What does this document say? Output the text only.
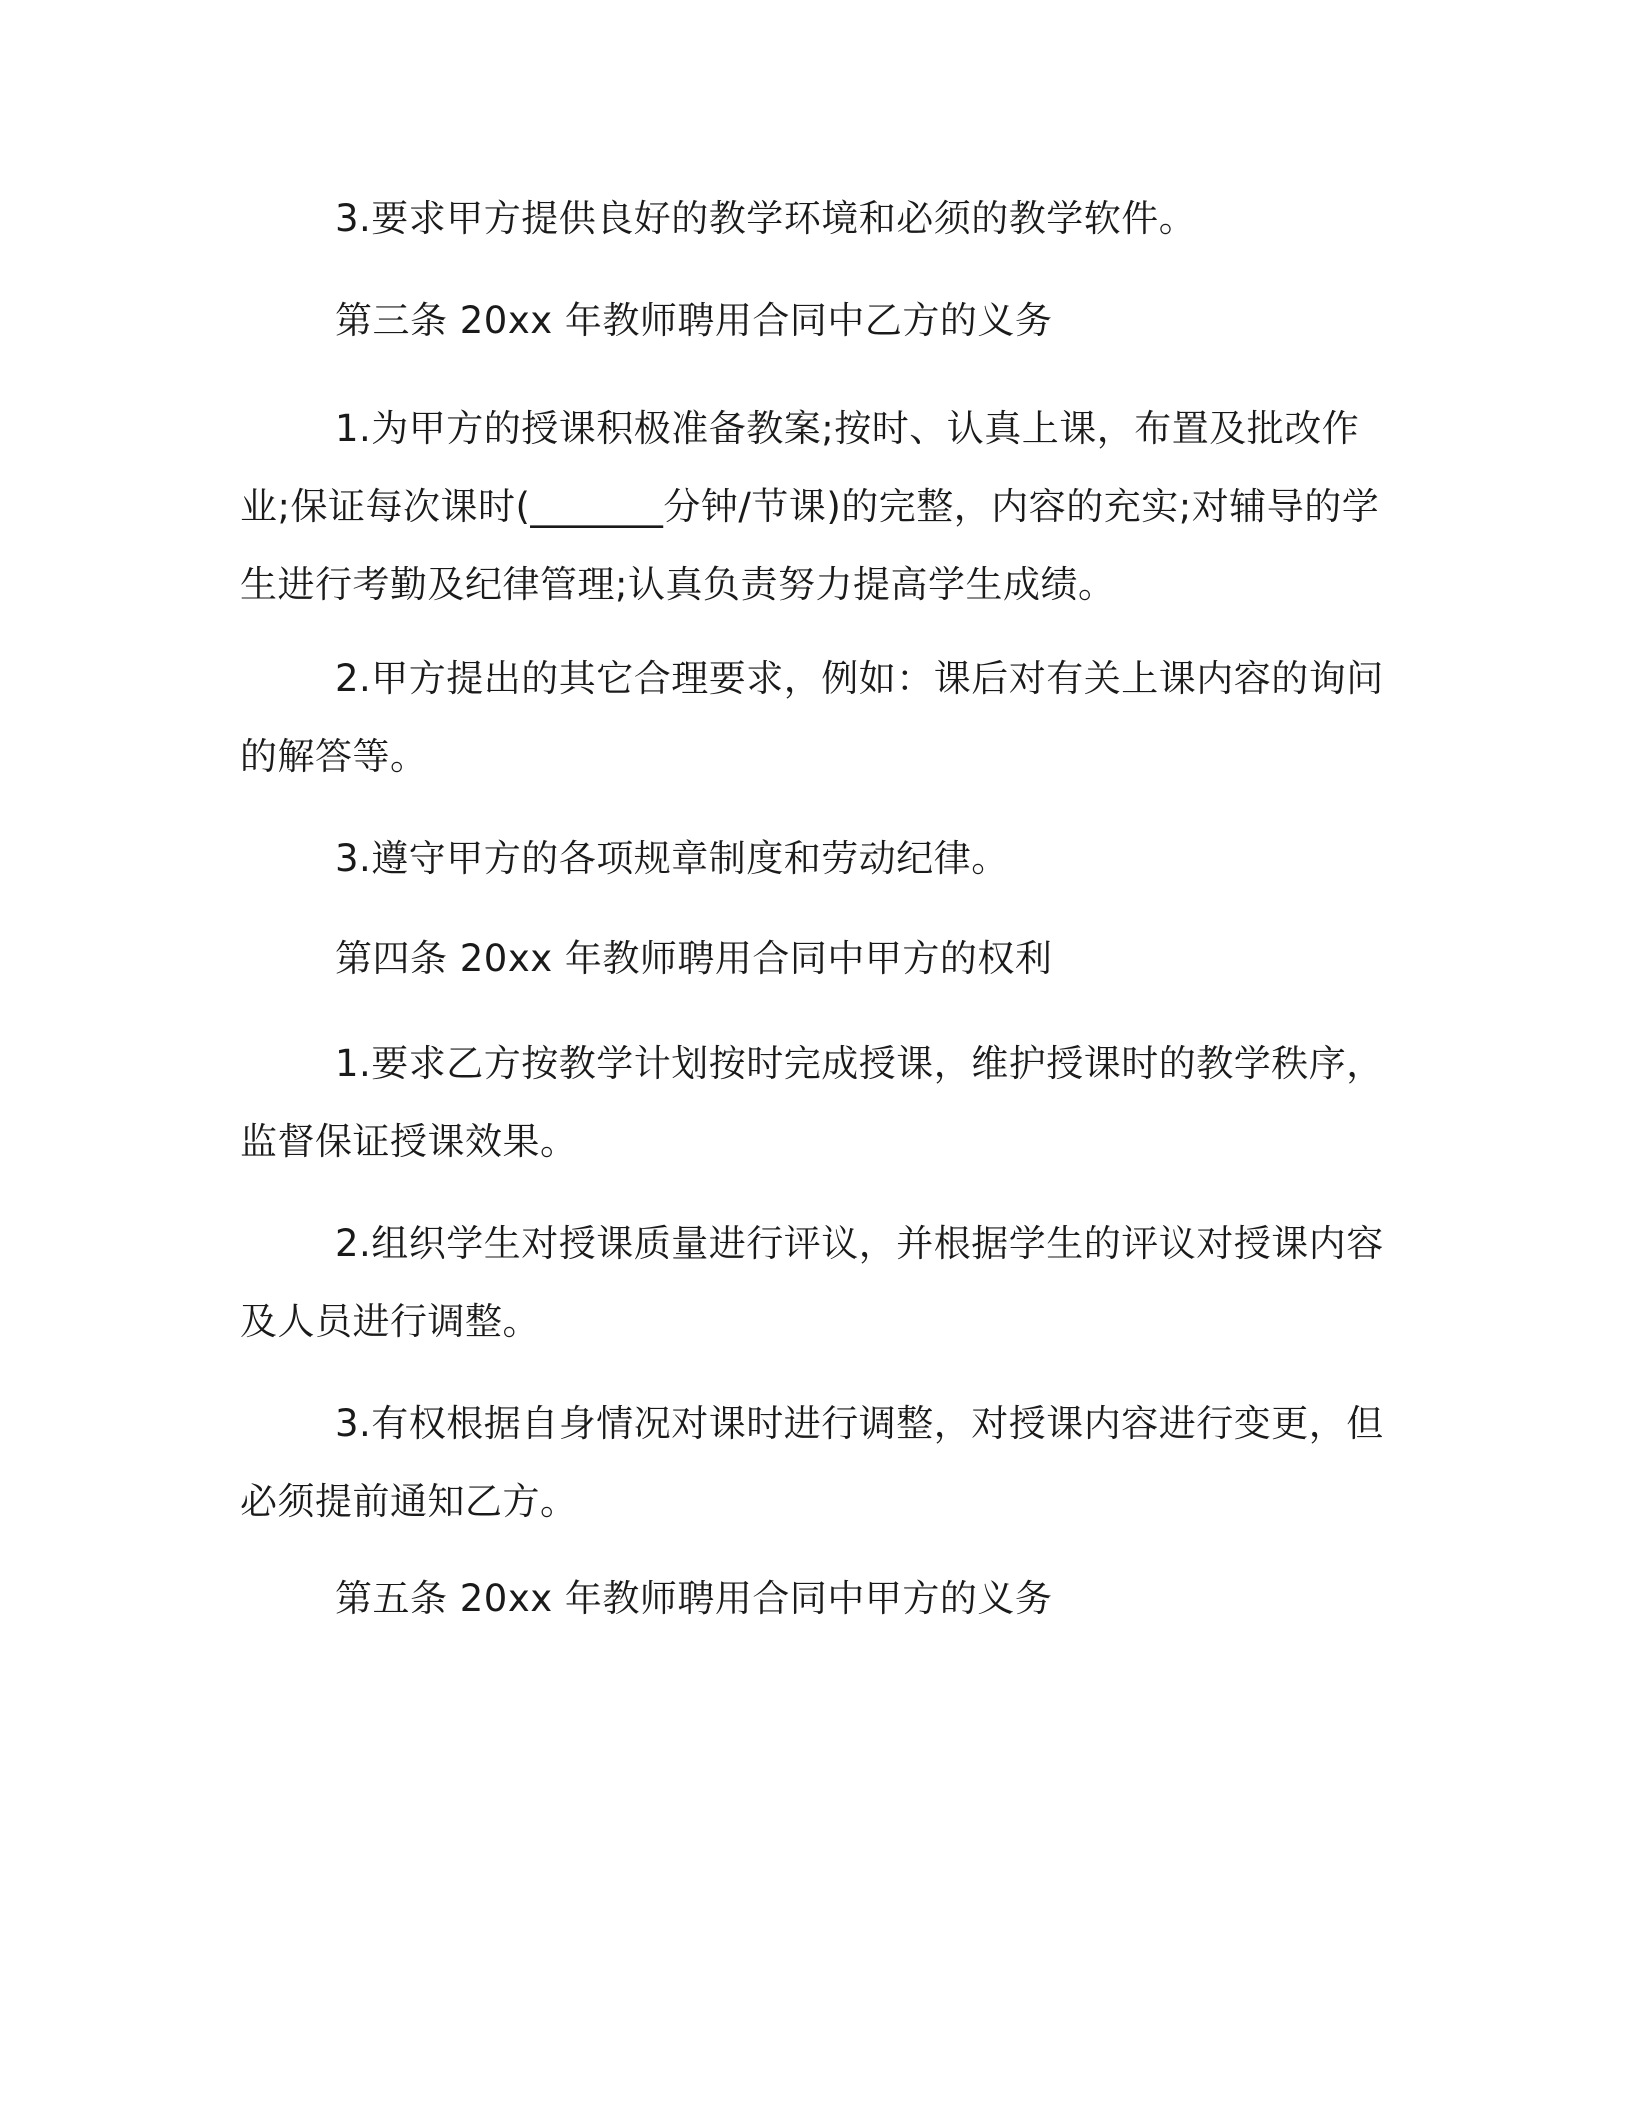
3.要求甲方提供良好的教学环境和必须的教学软件。

第三条 20xx 年教师聘用合同中乙方的义务

1.为甲方的授课积极准备教案;按时、认真上课，布置及批改作业;保证每次课时(_______分钟/节课)的完整，内容的充实;对辅导的学生进行考勤及纪律管理;认真负责努力提高学生成绩。

2.甲方提出的其它合理要求，例如：课后对有关上课内容的询问的解答等。

3.遵守甲方的各项规章制度和劳动纪律。

第四条 20xx 年教师聘用合同中甲方的权利

1.要求乙方按教学计划按时完成授课，维护授课时的教学秩序，监督保证授课效果。

2.组织学生对授课质量进行评议，并根据学生的评议对授课内容及人员进行调整。

3.有权根据自身情况对课时进行调整，对授课内容进行变更，但必须提前通知乙方。

第五条 20xx 年教师聘用合同中甲方的义务
